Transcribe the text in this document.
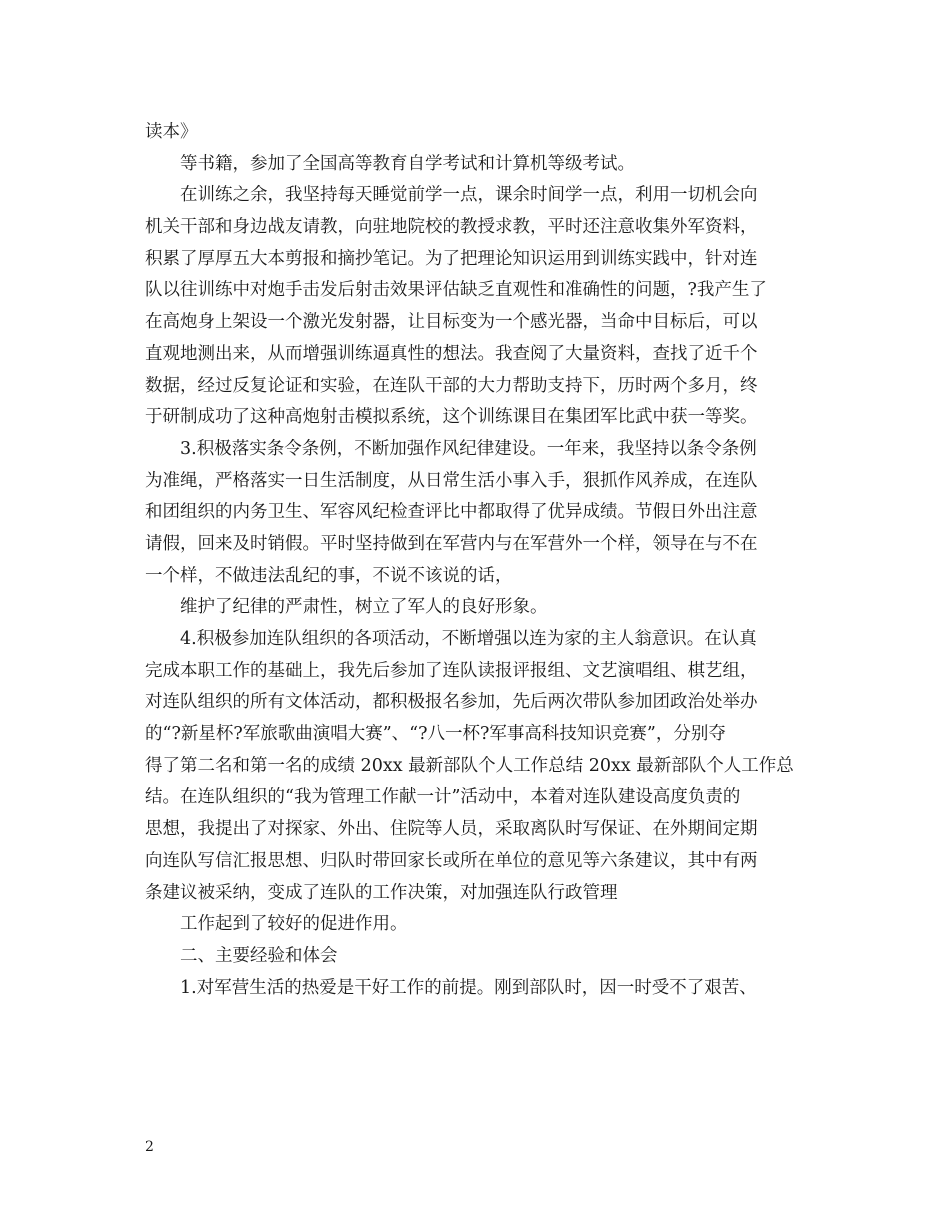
读本》
等书籍，参加了全国高等教育自学考试和计算机等级考试。
在训练之余，我坚持每天睡觉前学一点，课余时间学一点，利用一切机会向
机关干部和身边战友请教，向驻地院校的教授求教，平时还注意收集外军资料，
积累了厚厚五大本剪报和摘抄笔记。为了把理论知识运用到训练实践中，针对连
队以往训练中对炮手击发后射击效果评估缺乏直观性和准确性的问题，?我产生了
在高炮身上架设一个激光发射器，让目标变为一个感光器，当命中目标后，可以
直观地测出来，从而增强训练逼真性的想法。我查阅了大量资料，查找了近千个
数据，经过反复论证和实验，在连队干部的大力帮助支持下，历时两个多月，终
于研制成功了这种高炮射击模拟系统，这个训练课目在集团军比武中获一等奖。
3.积极落实条令条例，不断加强作风纪律建设。一年来，我坚持以条令条例
为准绳，严格落实一日生活制度，从日常生活小事入手，狠抓作风养成，在连队
和团组织的内务卫生、军容风纪检查评比中都取得了优异成绩。节假日外出注意
请假，回来及时销假。平时坚持做到在军营内与在军营外一个样，领导在与不在
一个样，不做违法乱纪的事，不说不该说的话，
维护了纪律的严肃性，树立了军人的良好形象。
4.积极参加连队组织的各项活动，不断增强以连为家的主人翁意识。在认真
完成本职工作的基础上，我先后参加了连队读报评报组、文艺演唱组、棋艺组，
对连队组织的所有文体活动，都积极报名参加，先后两次带队参加团政治处举办
的“?新星杯?军旅歌曲演唱大赛”、“?八一杯?军事高科技知识竞赛”，分别夺
得了第二名和第一名的成绩 20xx 最新部队个人工作总结 20xx 最新部队个人工作总
结。在连队组织的“我为管理工作献一计”活动中，本着对连队建设高度负责的
思想，我提出了对探家、外出、住院等人员，采取离队时写保证、在外期间定期
向连队写信汇报思想、归队时带回家长或所在单位的意见等六条建议，其中有两
条建议被采纳，变成了连队的工作决策，对加强连队行政管理
工作起到了较好的促进作用。
二、主要经验和体会
1.对军营生活的热爱是干好工作的前提。刚到部队时，因一时受不了艰苦、
2
